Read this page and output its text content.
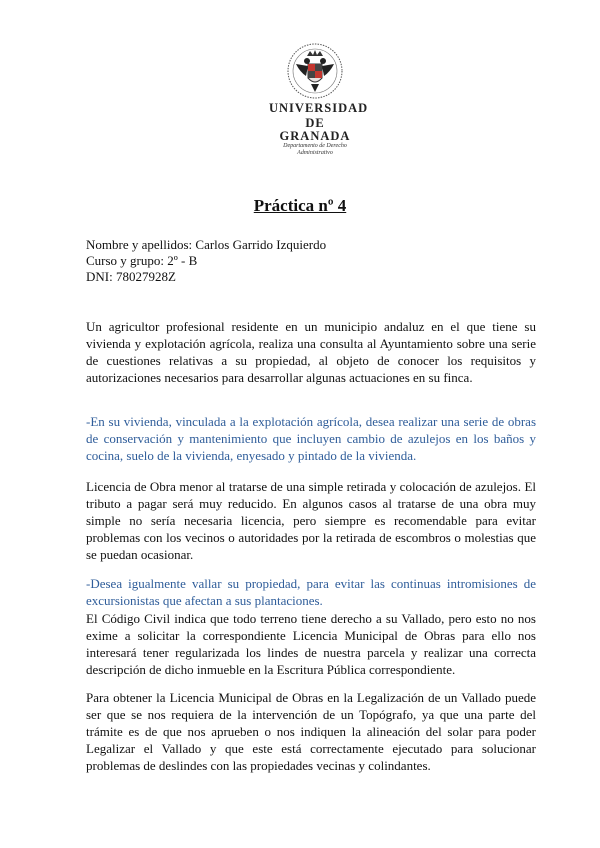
UNIVERSIDAD
DE GRANADA
Departamento de Derecho
Administrativo
Práctica nº 4
Nombre y apellidos: Carlos Garrido Izquierdo
Curso y grupo: 2º - B
DNI: 78027928Z
Un agricultor profesional residente en un municipio andaluz en el que tiene su vivienda y explotación agrícola, realiza una consulta al Ayuntamiento sobre una serie de cuestiones relativas a su propiedad, al objeto de conocer los requisitos y autorizaciones necesarios para desarrollar algunas actuaciones en su finca.
-En su vivienda, vinculada a la explotación agrícola, desea realizar una serie de obras de conservación y mantenimiento que incluyen cambio de azulejos en los baños y cocina, suelo de la vivienda, enyesado y pintado de la vivienda.
Licencia de Obra menor al tratarse de una simple retirada y colocación de azulejos. El tributo a pagar será muy reducido. En algunos casos al tratarse de una obra muy simple no sería necesaria licencia, pero siempre es recomendable para evitar problemas con los vecinos o autoridades por la retirada de escombros o molestias que se puedan ocasionar.
-Desea igualmente vallar su propiedad, para evitar las continuas intromisiones de excursionistas que afectan a sus plantaciones.
El Código Civil indica que todo terreno tiene derecho a su Vallado, pero esto no nos exime a solicitar la correspondiente Licencia Municipal de Obras para ello nos interesará tener regularizada los lindes de nuestra parcela y realizar una correcta descripción de dicho inmueble en la Escritura Pública correspondiente.
Para obtener la Licencia Municipal de Obras en la Legalización de un Vallado puede ser que se nos requiera de la intervención de un Topógrafo, ya que una parte del trámite es de que nos aprueben o nos indiquen la alineación del solar para poder Legalizar el Vallado y que este está correctamente ejecutado para solucionar problemas de deslindes con las propiedades vecinas y colindantes.
